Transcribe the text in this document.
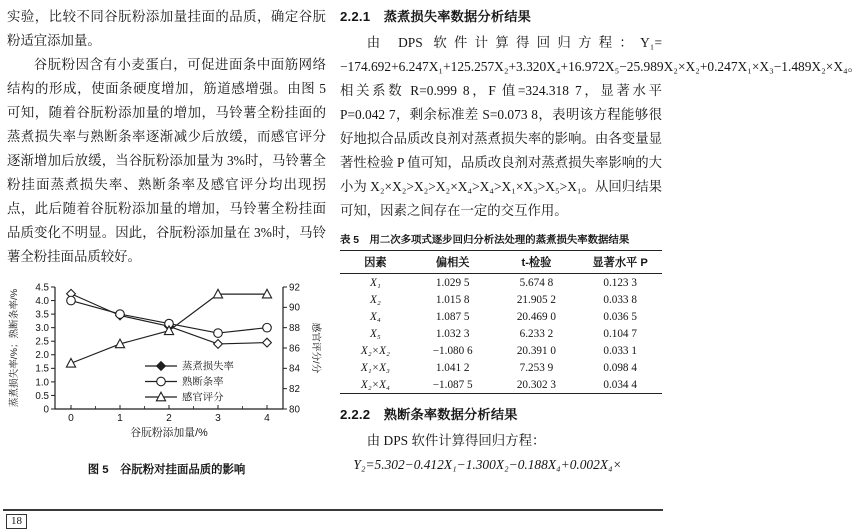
实验，比较不同谷朊粉添加量挂面的品质，确定谷朊粉适宜添加量。

谷朊粉因含有小麦蛋白，可促进面条中面筋网络结构的形成，使面条硬度增加，筋道感增强。由图 5 可知，随着谷朊粉添加量的增加，马铃薯全粉挂面的蒸煮损失率与熟断条率逐渐减少后放缓，而感官评分逐渐增加后放缓，当谷朊粉添加量为 3%时，马铃薯全粉挂面蒸煮损失率、熟断条率及感官评分均出现拐点，此后随着谷朊粉添加量的增加，马铃薯全粉挂面品质变化不明显。因此，谷朊粉添加量在 3%时，马铃薯全粉挂面品质较好。

0
0.5
1.0
1.5
2.0
2.5
3.0
3.5
4.0
4.5
80
82
84
86
88
90
92
0	1	2	3	4
蒸煮损失率/%；熟断条率/%	感官评分/分
谷朊粉添加量/%
蒸煮损失率
熟断条率
感官评分
图 5　谷朊粉对挂面品质的影响
2.2.1　蒸煮损失率数据分析结果

由 DPS 软件计算得回归方程：Y₁= −174.692+6.247X₁+125.257X₂+3.320X₄+16.972X₅−25.989X₂×X₂+0.247X₁×X₃−1.489X₂×X₄。相关系数 R=0.999 8，F 值=324.318 7，显著水平 P=0.042 7，剩余标准差 S=0.073 8，表明该方程能够很好地拟合品质改良剂对蒸煮损失率的影响。由各变量显著性检验 P 值可知，品质改良剂对蒸煮损失率影响的大小为 X₂×X₂>X₂>X₂×X₄>X₄>X₁×X₃>X₅>X₁。从回归结果可知，因素之间存在一定的交互作用。

表 5　用二次多项式逐步回归分析法处理的蒸煮损失率数据结果
因素	偏相关	t-检验	显著水平 P
X₁	1.029 5	5.674 8	0.123 3
X₂	1.015 8	21.905 2	0.033 8
X₄	1.087 5	20.469 0	0.036 5
X₅	1.032 3	6.233 2	0.104 7
X₂×X₂	−1.080 6	20.391 0	0.033 1
X₁×X₃	1.041 2	7.253 9	0.098 4
X₂×X₄	−1.087 5	20.302 3	0.034 4
2.2.2　熟断条率数据分析结果

由 DPS 软件计算得回归方程：

Y₂=5.302−0.412X₁−1.300X₂−0.188X₄+0.002X₄×

18
